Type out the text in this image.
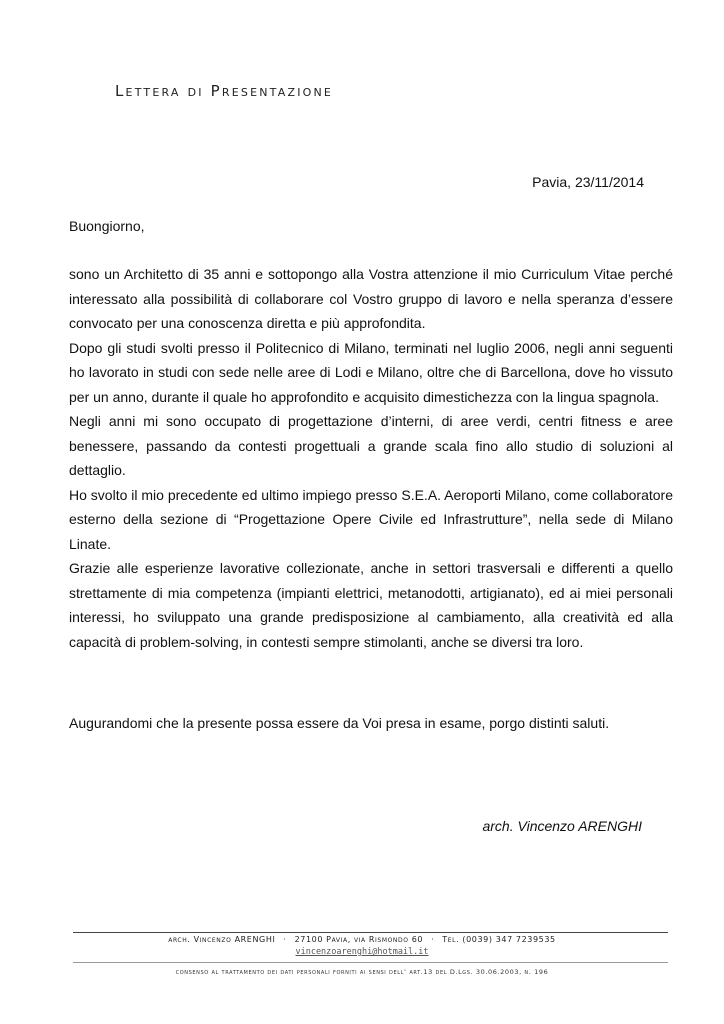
Lettera di Presentazione

Pavia, 23/11/2014

Buongiorno,

sono un Architetto di 35 anni e sottopongo alla Vostra attenzione il mio Curriculum Vitae perché interessato alla possibilità di collaborare col Vostro gruppo di lavoro e nella speranza d’essere convocato per una conoscenza diretta e più approfondita.

Dopo gli studi svolti presso il Politecnico di Milano, terminati nel luglio 2006, negli anni seguenti ho lavorato in studi con sede nelle aree di Lodi e Milano, oltre che di Barcellona, dove ho vissuto per un anno, durante il quale ho approfondito e acquisito dimestichezza con la lingua spagnola.

Negli anni mi sono occupato di progettazione d’interni, di aree verdi, centri fitness e aree benessere, passando da contesti progettuali a grande scala fino allo studio di soluzioni al dettaglio.

Ho svolto il mio precedente ed ultimo impiego presso S.E.A. Aeroporti Milano, come collaboratore esterno della sezione di “Progettazione Opere Civile ed Infrastrutture”, nella sede di Milano Linate.

Grazie alle esperienze lavorative collezionate, anche in settori trasversali e differenti a quello strettamente di mia competenza (impianti elettrici, metanodotti, artigianato), ed ai miei personali interessi, ho sviluppato una grande predisposizione al cambiamento, alla creatività ed alla capacità di problem-solving, in contesti sempre stimolanti, anche se diversi tra loro.

Augurandomi che la presente possa essere da Voi presa in esame, porgo distinti saluti.

arch. Vincenzo ARENGHI

arch. Vincenzo ARENGHI · 27100 Pavia, via Rismondo 60 · Tel. (0039) 347 7239535

vincenzoarenghi@hotmail.it

consenso al trattamento dei dati personali forniti ai sensi dell’ art.13 del D.Lgs. 30.06.2003, n. 196
